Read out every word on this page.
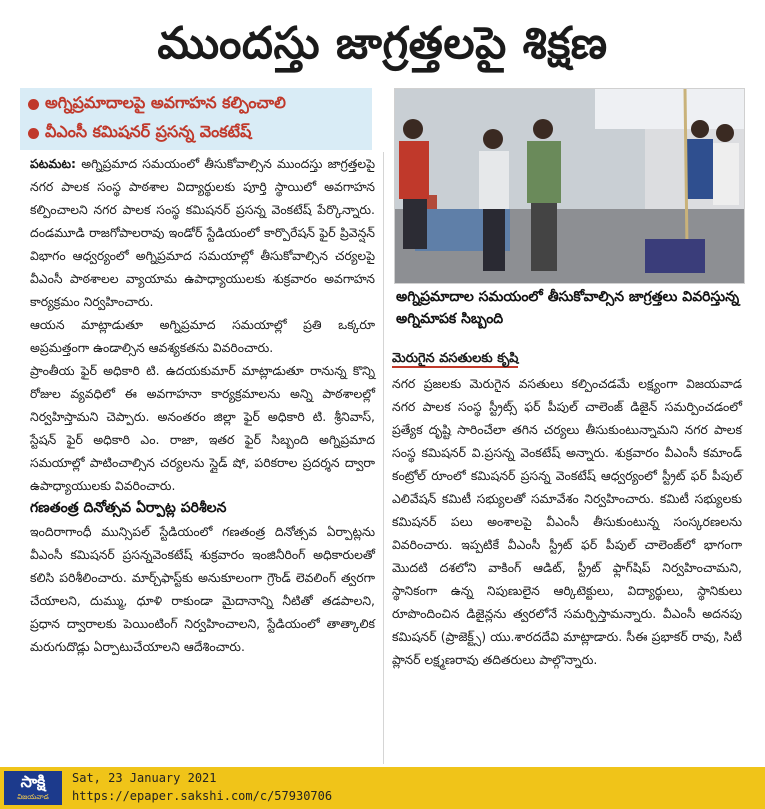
ముందస్తు జాగ్రత్తలపై శిక్షణ
అగ్నిప్రమాదాలపై అవగాహన కల్పించాలి
వీఎంసీ కమిషనర్ ప్రసన్న వెంకటేష్
అగ్నిప్రమాదాల సమయంలో తీసుకోవాల్సిన జాగ్రత్తలు వివరిస్తున్న అగ్నిమాపక సిబ్బంది

పటమట: అగ్నిప్రమాద సమయంలో తీసుకోవాల్సిన ముందస్తు జాగ్రత్తలపై నగర పాలక సంస్థ పాఠశాల విద్యార్థులకు పూర్తి స్థాయిలో అవగాహన కల్పించాలని నగర పాలక సంస్థ కమిషనర్ ప్రసన్న వెంకటేష్ పేర్కొన్నారు. దండమూడి రాజగోపాలరావు ఇండోర్ స్టేడియంలో కార్పొరేషన్ ఫైర్ ప్రివెన్షన్ విభాగం ఆధ్వర్యంలో అగ్నిప్రమాద సమయాల్లో తీసుకోవాల్సిన చర్యలపై వీఎంసీ పాఠశాలల వ్యాయామ ఉపాధ్యాయులకు శుక్రవారం అవగాహన కార్యక్రమం నిర్వహించారు.

ఆయన మాట్లాడుతూ అగ్నిప్రమాద సమయాల్లో ప్రతి ఒక్కరూ అప్రమత్తంగా ఉండాల్సిన ఆవశ్యకతను వివరించారు.

ప్రాంతీయ ఫైర్ అధికారి టి. ఉదయకుమార్ మాట్లాడుతూ రానున్న కొన్ని రోజుల వ్యవధిలో ఈ అవగాహనా కార్యక్రమాలను అన్ని పాఠశాలల్లో నిర్వహిస్తామని చెప్పారు. అనంతరం జిల్లా ఫైర్ అధికారి టి. శ్రీనివాస్, స్టేషన్ ఫైర్ అధికారి ఎం. రాజా, ఇతర ఫైర్ సిబ్బంది అగ్నిప్రమాద సమయాల్లో పాటించాల్సిన చర్యలను స్లైడ్ షో, పరికరాల ప్రదర్శన ద్వారా ఉపాధ్యాయులకు వివరించారు.

గణతంత్ర దినోత్సవ ఏర్పాట్ల పరిశీలన

ఇందిరాగాంధీ మున్సిపల్ స్టేడియంలో గణతంత్ర దినోత్సవ ఏర్పాట్లను వీఎంసీ కమిషనర్ ప్రసన్నవెంకటేష్ శుక్రవారం ఇంజినీరింగ్ అధికారులతో కలిసి పరిశీలించారు. మార్చ్‌ఫాస్ట్‌కు అనుకూలంగా గ్రౌండ్ లెవలింగ్ త్వరగా చేయాలని, దుమ్ము, ధూళి రాకుండా మైదానాన్ని నీటితో తడపాలని, ప్రధాన ద్వారాలకు పెయింటింగ్ నిర్వహించాలని, స్టేడియంలో తాత్కాలిక మరుగుదొడ్లు ఏర్పాటుచేయాలని ఆదేశించారు.

మెరుగైన వసతులకు కృషి

నగర ప్రజలకు మెరుగైన వసతులు కల్పించడమే లక్ష్యంగా విజయవాడ నగర పాలక సంస్థ స్ట్రీట్స్ ఫర్ పీపుల్ చాలెంజ్ డిజైన్ సమర్పించడంలో ప్రత్యేక దృష్టి సారించేలా తగిన చర్యలు తీసుకుంటున్నామని నగర పాలక సంస్థ కమిషనర్ వి.ప్రసన్న వెంకటేష్ అన్నారు. శుక్రవారం వీఎంసీ కమాండ్ కంట్రోల్ రూంలో కమిషనర్ ప్రసన్న వెంకటేష్ ఆధ్వర్యంలో స్ట్రీట్ ఫర్ పీపుల్ ఎలివేషన్ కమిటీ సభ్యులతో సమావేశం నిర్వహించారు. కమిటీ సభ్యులకు కమిషనర్ పలు అంశాలపై వీఎంసీ తీసుకుంటున్న సంస్కరణలను వివరించారు. ఇప్పటికే వీఎంసీ స్ట్రీట్ ఫర్ పీపుల్ చాలెంజ్‌లో భాగంగా మొదటి దశలోని వాకింగ్ ఆడిట్, స్ట్రీట్ ఫ్లాగ్‌షిప్ నిర్వహించామని, స్థానికంగా ఉన్న నిపుణులైన ఆర్కిటెక్టులు, విద్యార్థులు, స్థానికులు రూపొందించిన డిజైన్లను త్వరలోనే సమర్పిస్తామన్నారు. వీఎంసీ అదనపు కమిషనర్ (ప్రాజెక్ట్స్) యు.శారదదేవి మాట్లాడారు. సీఈ ప్రభాకర్ రావు, సిటీ ప్లానర్ లక్ష్మణరావు తదితరులు పాల్గొన్నారు.

సాక్షి
విజయవాడ
Sat, 23 January 2021
https://epaper.sakshi.com/c/57930706
